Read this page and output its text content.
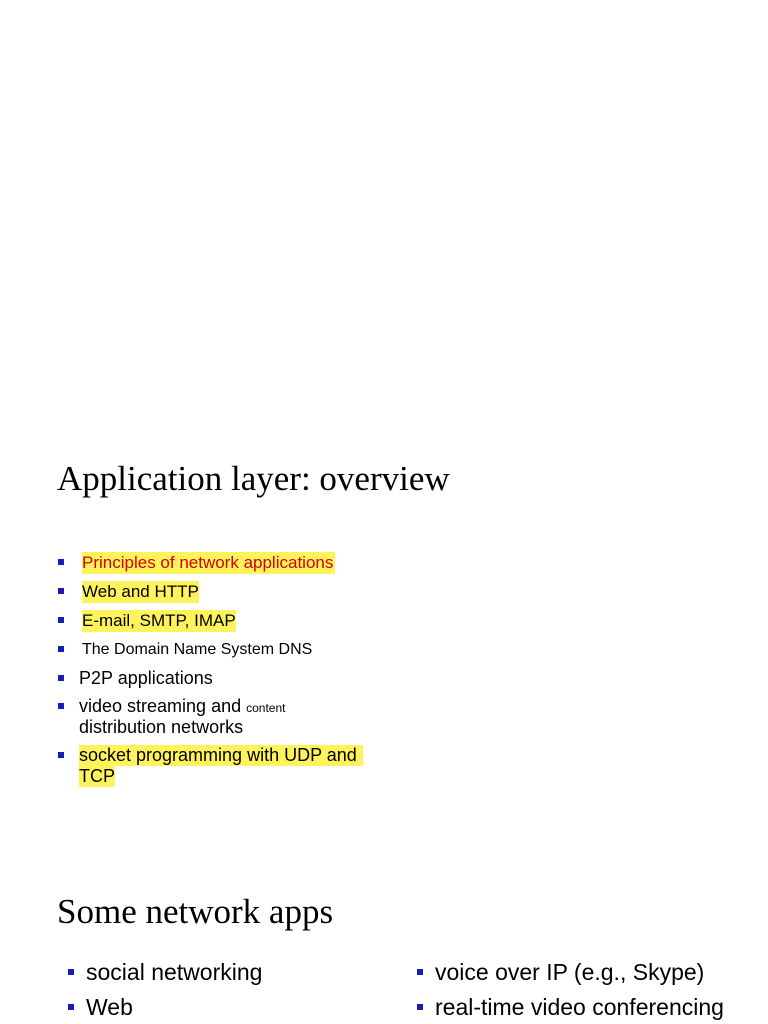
Application layer: overview
Principles of network applications
Web and HTTP
E-mail, SMTP, IMAP
The Domain Name System DNS
P2P applications
video streaming and content
distribution networks
socket programming with UDP and
TCP
Some network apps
social networking
Web
voice over IP (e.g., Skype)
real-time video conferencing
